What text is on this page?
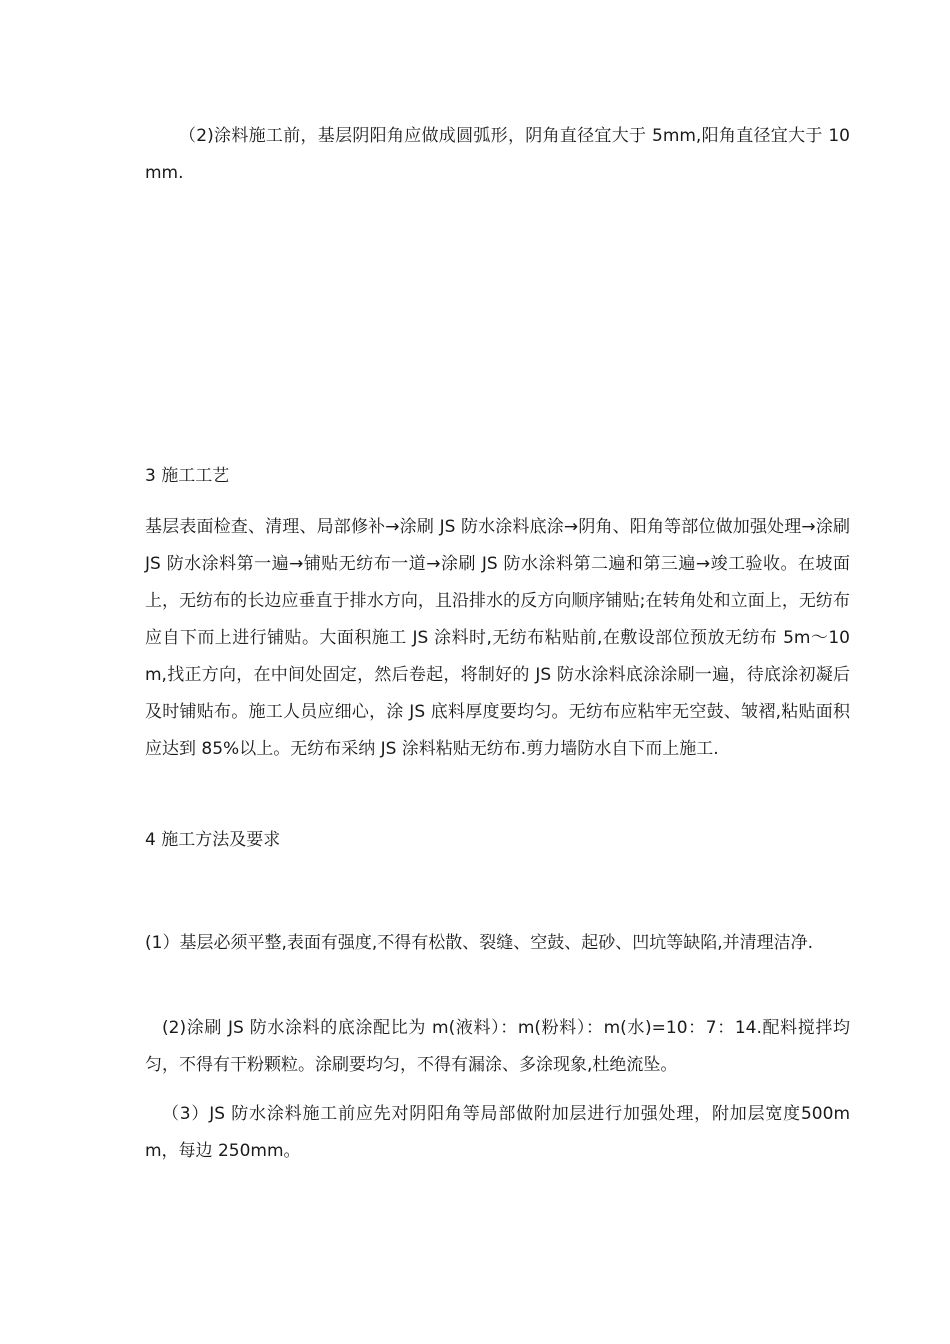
（2)涂料施工前，基层阴阳角应做成圆弧形，阴角直径宜大于 5mm,阳角直径宜大于 10mm.

3 施工工艺

基层表面检查、清理、局部修补→涂刷 JS 防水涂料底涂→阴角、阳角等部位做加强处理→涂刷 JS 防水涂料第一遍→铺贴无纺布一道→涂刷 JS 防水涂料第二遍和第三遍→竣工验收。在坡面上，无纺布的长边应垂直于排水方向，且沿排水的反方向顺序铺贴;在转角处和立面上，无纺布应自下而上进行铺贴。大面积施工 JS 涂料时,无纺布粘贴前,在敷设部位预放无纺布 5m～10m,找正方向，在中间处固定，然后卷起，将制好的 JS 防水涂料底涂涂刷一遍，待底涂初凝后及时铺贴布。施工人员应细心，涂 JS 底料厚度要均匀。无纺布应粘牢无空鼓、皱褶,粘贴面积应达到 85%以上。无纺布采纳 JS 涂料粘贴无纺布.剪力墙防水自下而上施工.

4 施工方法及要求

(1）基层必须平整,表面有强度,不得有松散、裂缝、空鼓、起砂、凹坑等缺陷,并清理洁净.

(2)涂刷 JS 防水涂料的底涂配比为 m(液料）：m(粉料）：m(水)=10：7：14.配料搅拌均匀，不得有干粉颗粒。涂刷要均匀，不得有漏涂、多涂现象,杜绝流坠。

（3）JS 防水涂料施工前应先对阴阳角等局部做附加层进行加强处理，附加层宽度500mm，每边 250mm。
